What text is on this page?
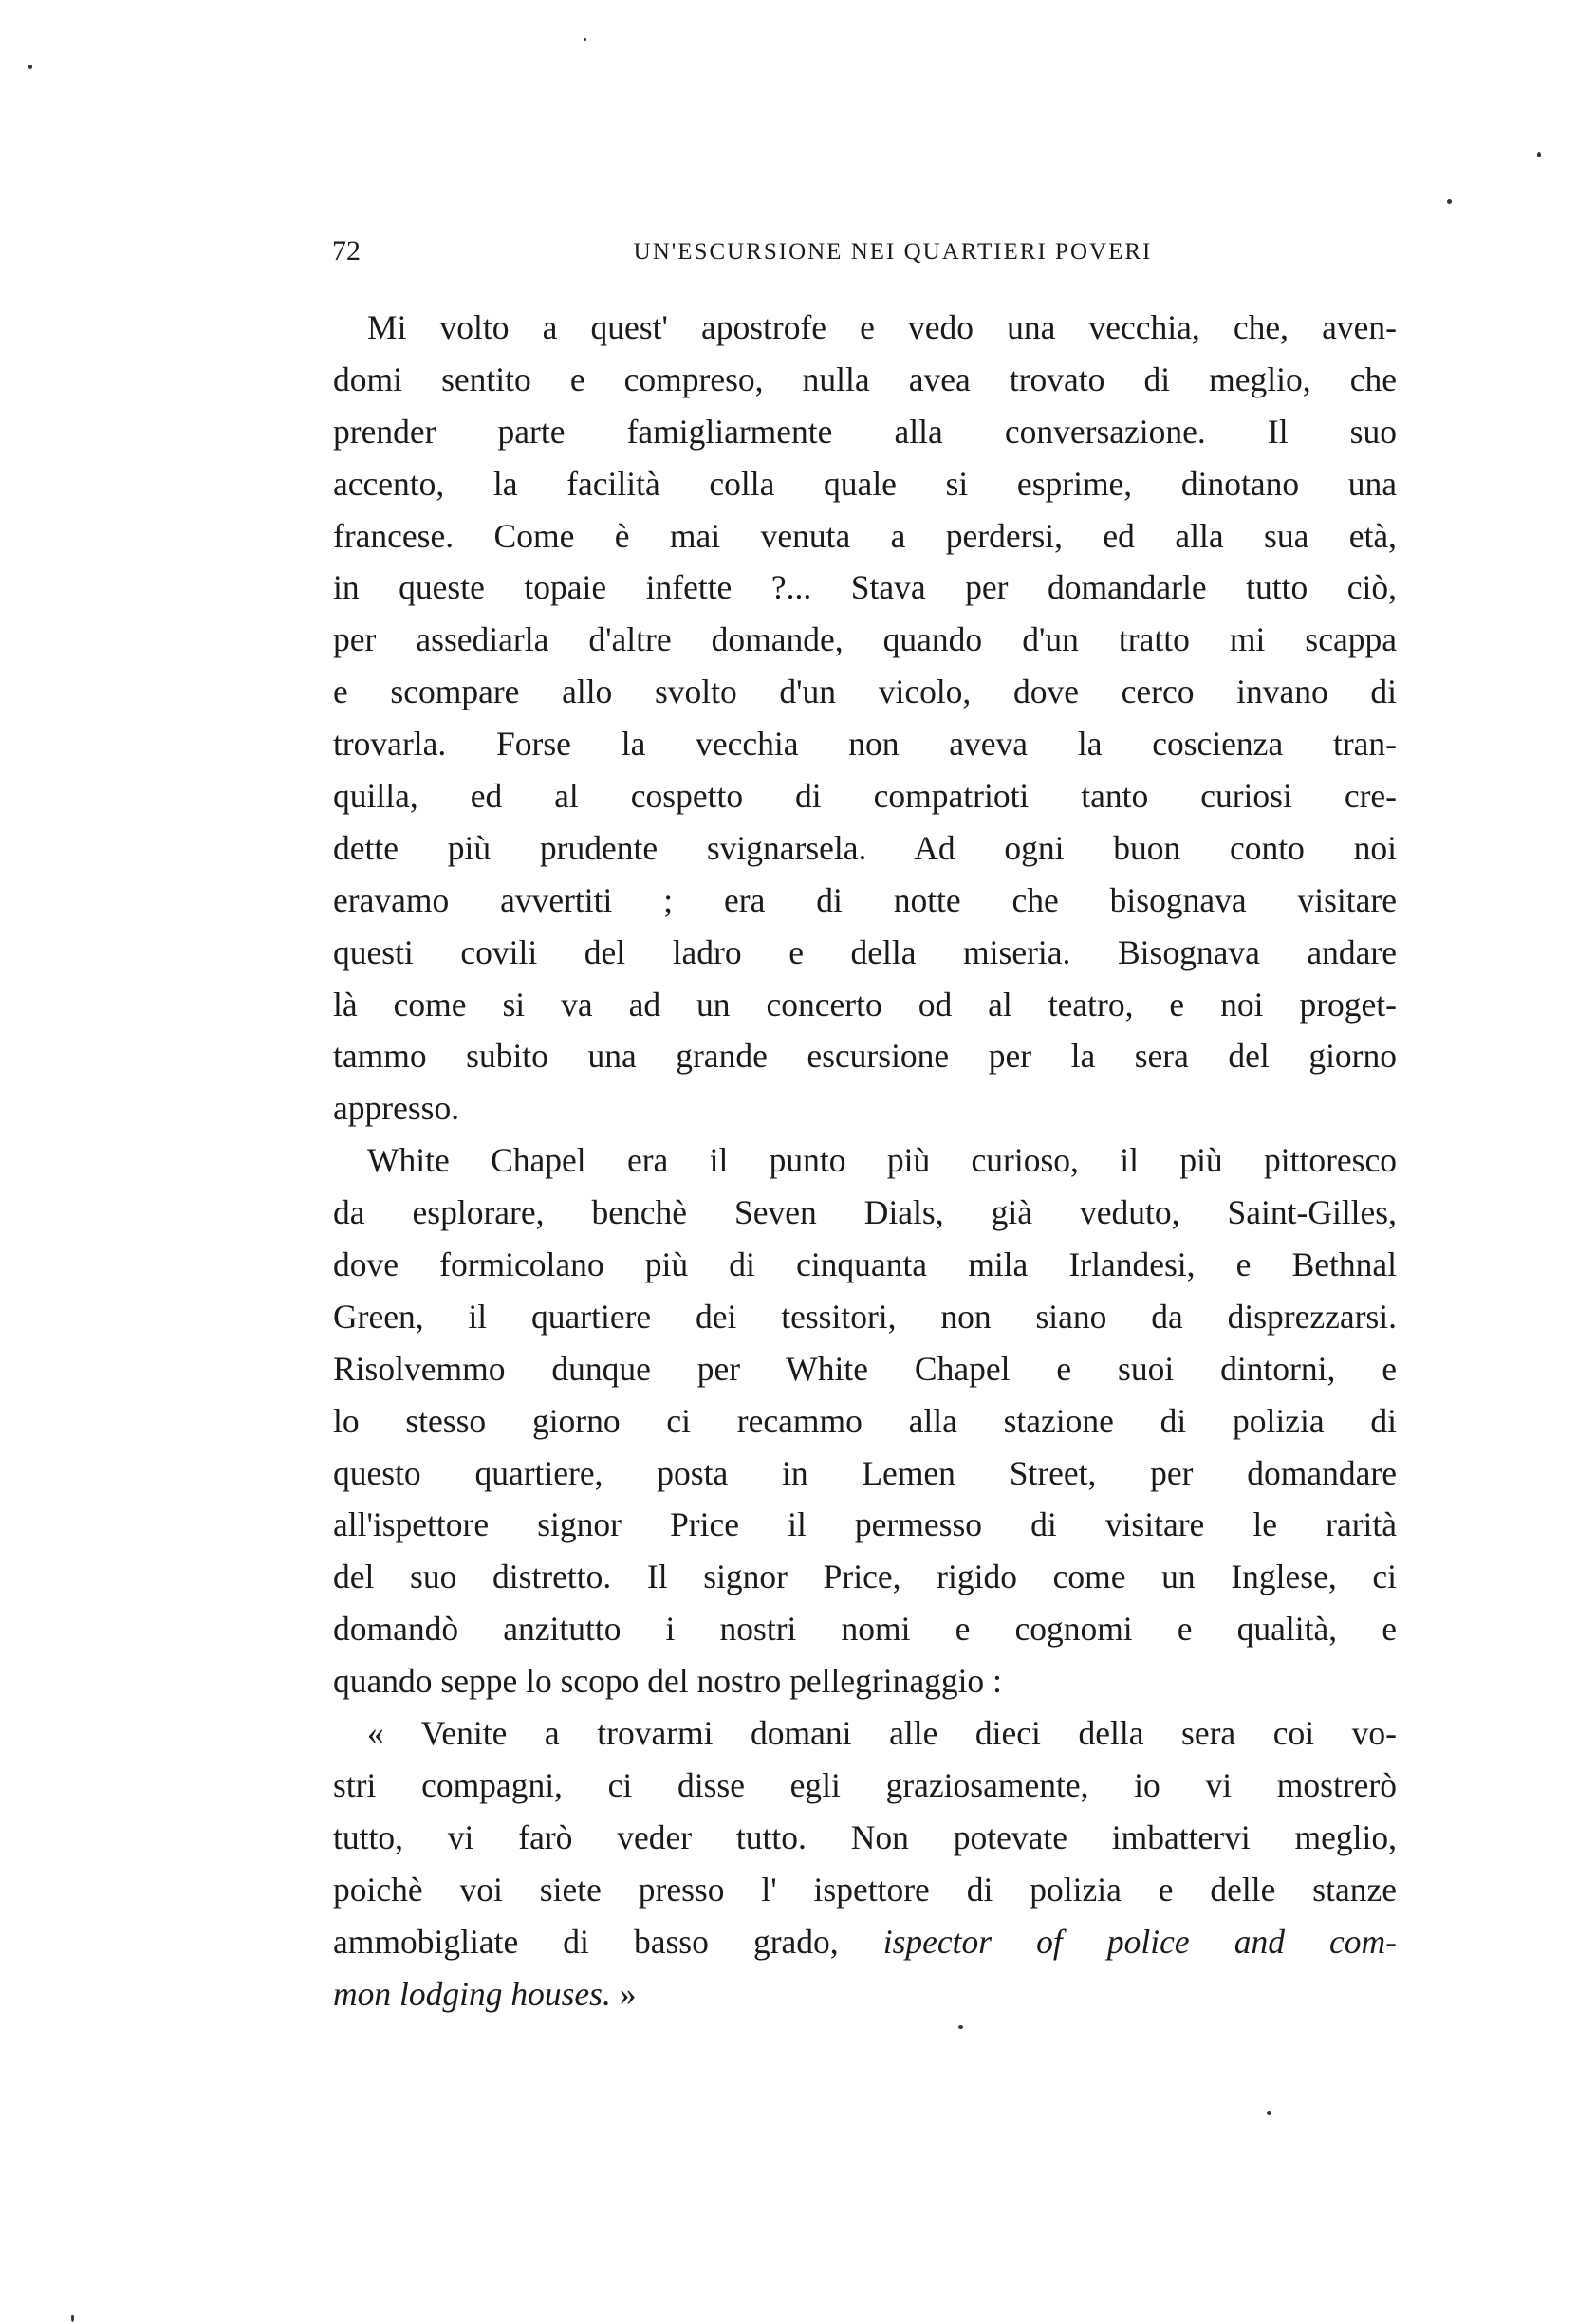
72	UN'ESCURSIONE NEI QUARTIERI POVERI
Mi volto a quest' apostrofe e vedo una vecchia, che, aven-
domi sentito e compreso, nulla avea trovato di meglio, che
prender parte famigliarmente alla conversazione. Il suo
accento, la facilità colla quale si esprime, dinotano una
francese. Come è mai venuta a perdersi, ed alla sua età,
in queste topaie infette ?... Stava per domandarle tutto ciò,
per assediarla d'altre domande, quando d'un tratto mi scappa
e scompare allo svolto d'un vicolo, dove cerco invano di
trovarla. Forse la vecchia non aveva la coscienza tran-
quilla, ed al cospetto di compatrioti tanto curiosi cre-
dette più prudente svignarsela. Ad ogni buon conto noi
eravamo avvertiti ; era di notte che bisognava visitare
questi covili del ladro e della miseria. Bisognava andare
là come si va ad un concerto od al teatro, e noi proget-
tammo subito una grande escursione per la sera del giorno
appresso.
White Chapel era il punto più curioso, il più pittoresco
da esplorare, benchè Seven Dials, già veduto, Saint-Gilles,
dove formicolano più di cinquanta mila Irlandesi, e Bethnal
Green, il quartiere dei tessitori, non siano da disprezzarsi.
Risolvemmo dunque per White Chapel e suoi dintorni, e
lo stesso giorno ci recammo alla stazione di polizia di
questo quartiere, posta in Lemen Street, per domandare
all'ispettore signor Price il permesso di visitare le rarità
del suo distretto. Il signor Price, rigido come un Inglese, ci
domandò anzitutto i nostri nomi e cognomi e qualità, e
quando seppe lo scopo del nostro pellegrinaggio :
« Venite a trovarmi domani alle dieci della sera coi vo-
stri compagni, ci disse egli graziosamente, io vi mostrerò
tutto, vi farò veder tutto. Non potevate imbattervi meglio,
poichè voi siete presso l' ispettore di polizia e delle stanze
ammobigliate di basso grado, ispector of police and com-
mon lodging houses. »
